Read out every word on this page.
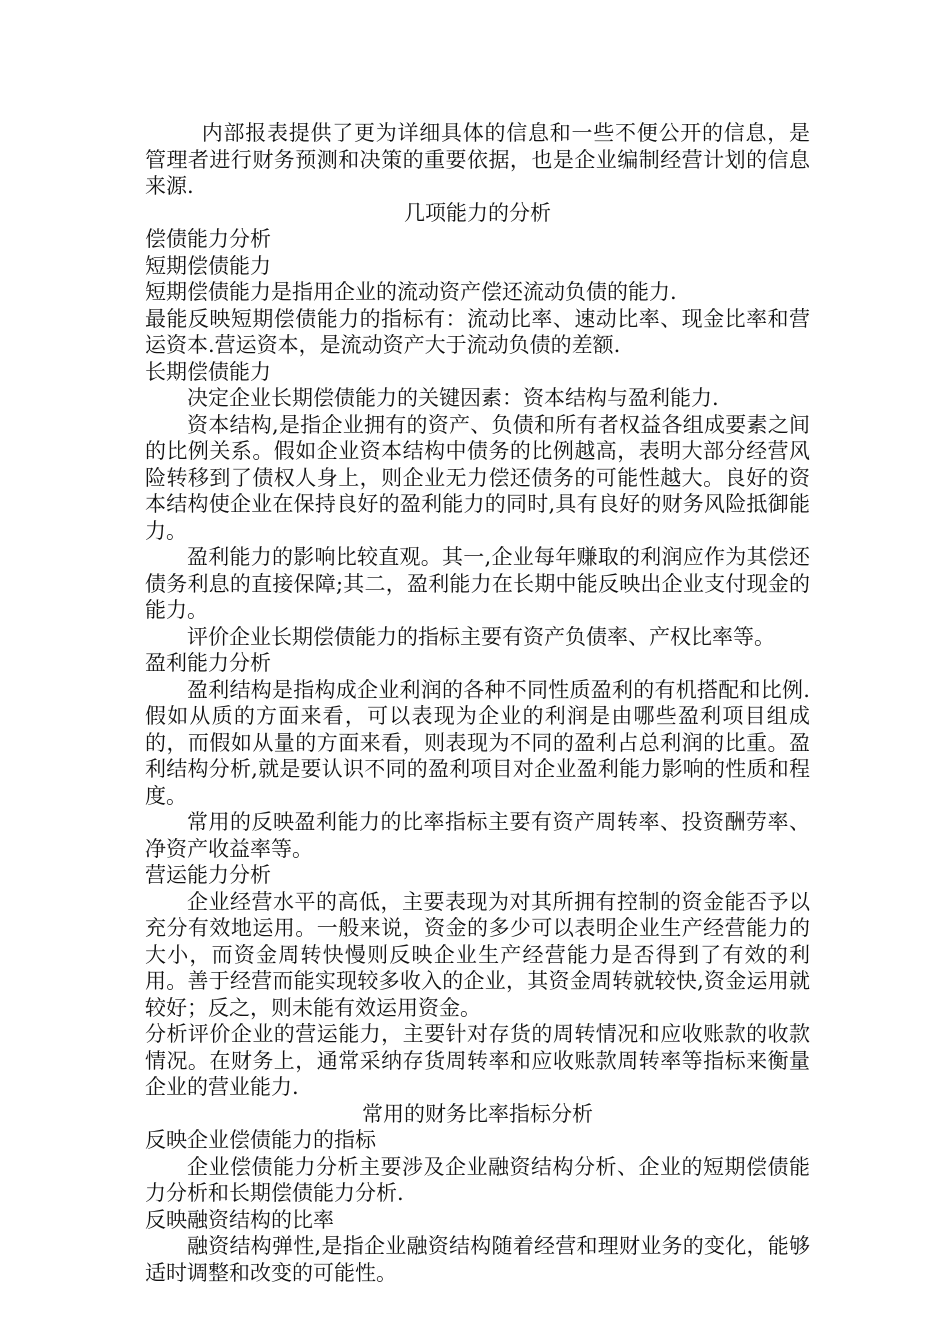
内部报表提供了更为详细具体的信息和一些不便公开的信息，是管理者进行财务预测和决策的重要依据，也是企业编制经营计划的信息来源.

几项能力的分析

偿债能力分析

短期偿债能力

短期偿债能力是指用企业的流动资产偿还流动负债的能力.

最能反映短期偿债能力的指标有：流动比率、速动比率、现金比率和营运资本.营运资本，是流动资产大于流动负债的差额.

长期偿债能力

决定企业长期偿债能力的关键因素：资本结构与盈利能力.

资本结构,是指企业拥有的资产、负债和所有者权益各组成要素之间的比例关系。假如企业资本结构中债务的比例越高，表明大部分经营风险转移到了债权人身上，则企业无力偿还债务的可能性越大。良好的资本结构使企业在保持良好的盈利能力的同时,具有良好的财务风险抵御能力。

盈利能力的影响比较直观。其一,企业每年赚取的利润应作为其偿还债务利息的直接保障;其二，盈利能力在长期中能反映出企业支付现金的能力。

评价企业长期偿债能力的指标主要有资产负债率、产权比率等。

盈利能力分析

盈利结构是指构成企业利润的各种不同性质盈利的有机搭配和比例.假如从质的方面来看，可以表现为企业的利润是由哪些盈利项目组成的，而假如从量的方面来看，则表现为不同的盈利占总利润的比重。盈利结构分析,就是要认识不同的盈利项目对企业盈利能力影响的性质和程度。

常用的反映盈利能力的比率指标主要有资产周转率、投资酬劳率、净资产收益率等。

营运能力分析

企业经营水平的高低，主要表现为对其所拥有控制的资金能否予以充分有效地运用。一般来说，资金的多少可以表明企业生产经营能力的大小，而资金周转快慢则反映企业生产经营能力是否得到了有效的利用。善于经营而能实现较多收入的企业，其资金周转就较快,资金运用就较好；反之，则未能有效运用资金。

分析评价企业的营运能力，主要针对存货的周转情况和应收账款的收款情况。在财务上，通常采纳存货周转率和应收账款周转率等指标来衡量企业的营业能力.

常用的财务比率指标分析

反映企业偿债能力的指标

企业偿债能力分析主要涉及企业融资结构分析、企业的短期偿债能力分析和长期偿债能力分析.

反映融资结构的比率

融资结构弹性,是指企业融资结构随着经营和理财业务的变化，能够适时调整和改变的可能性。
